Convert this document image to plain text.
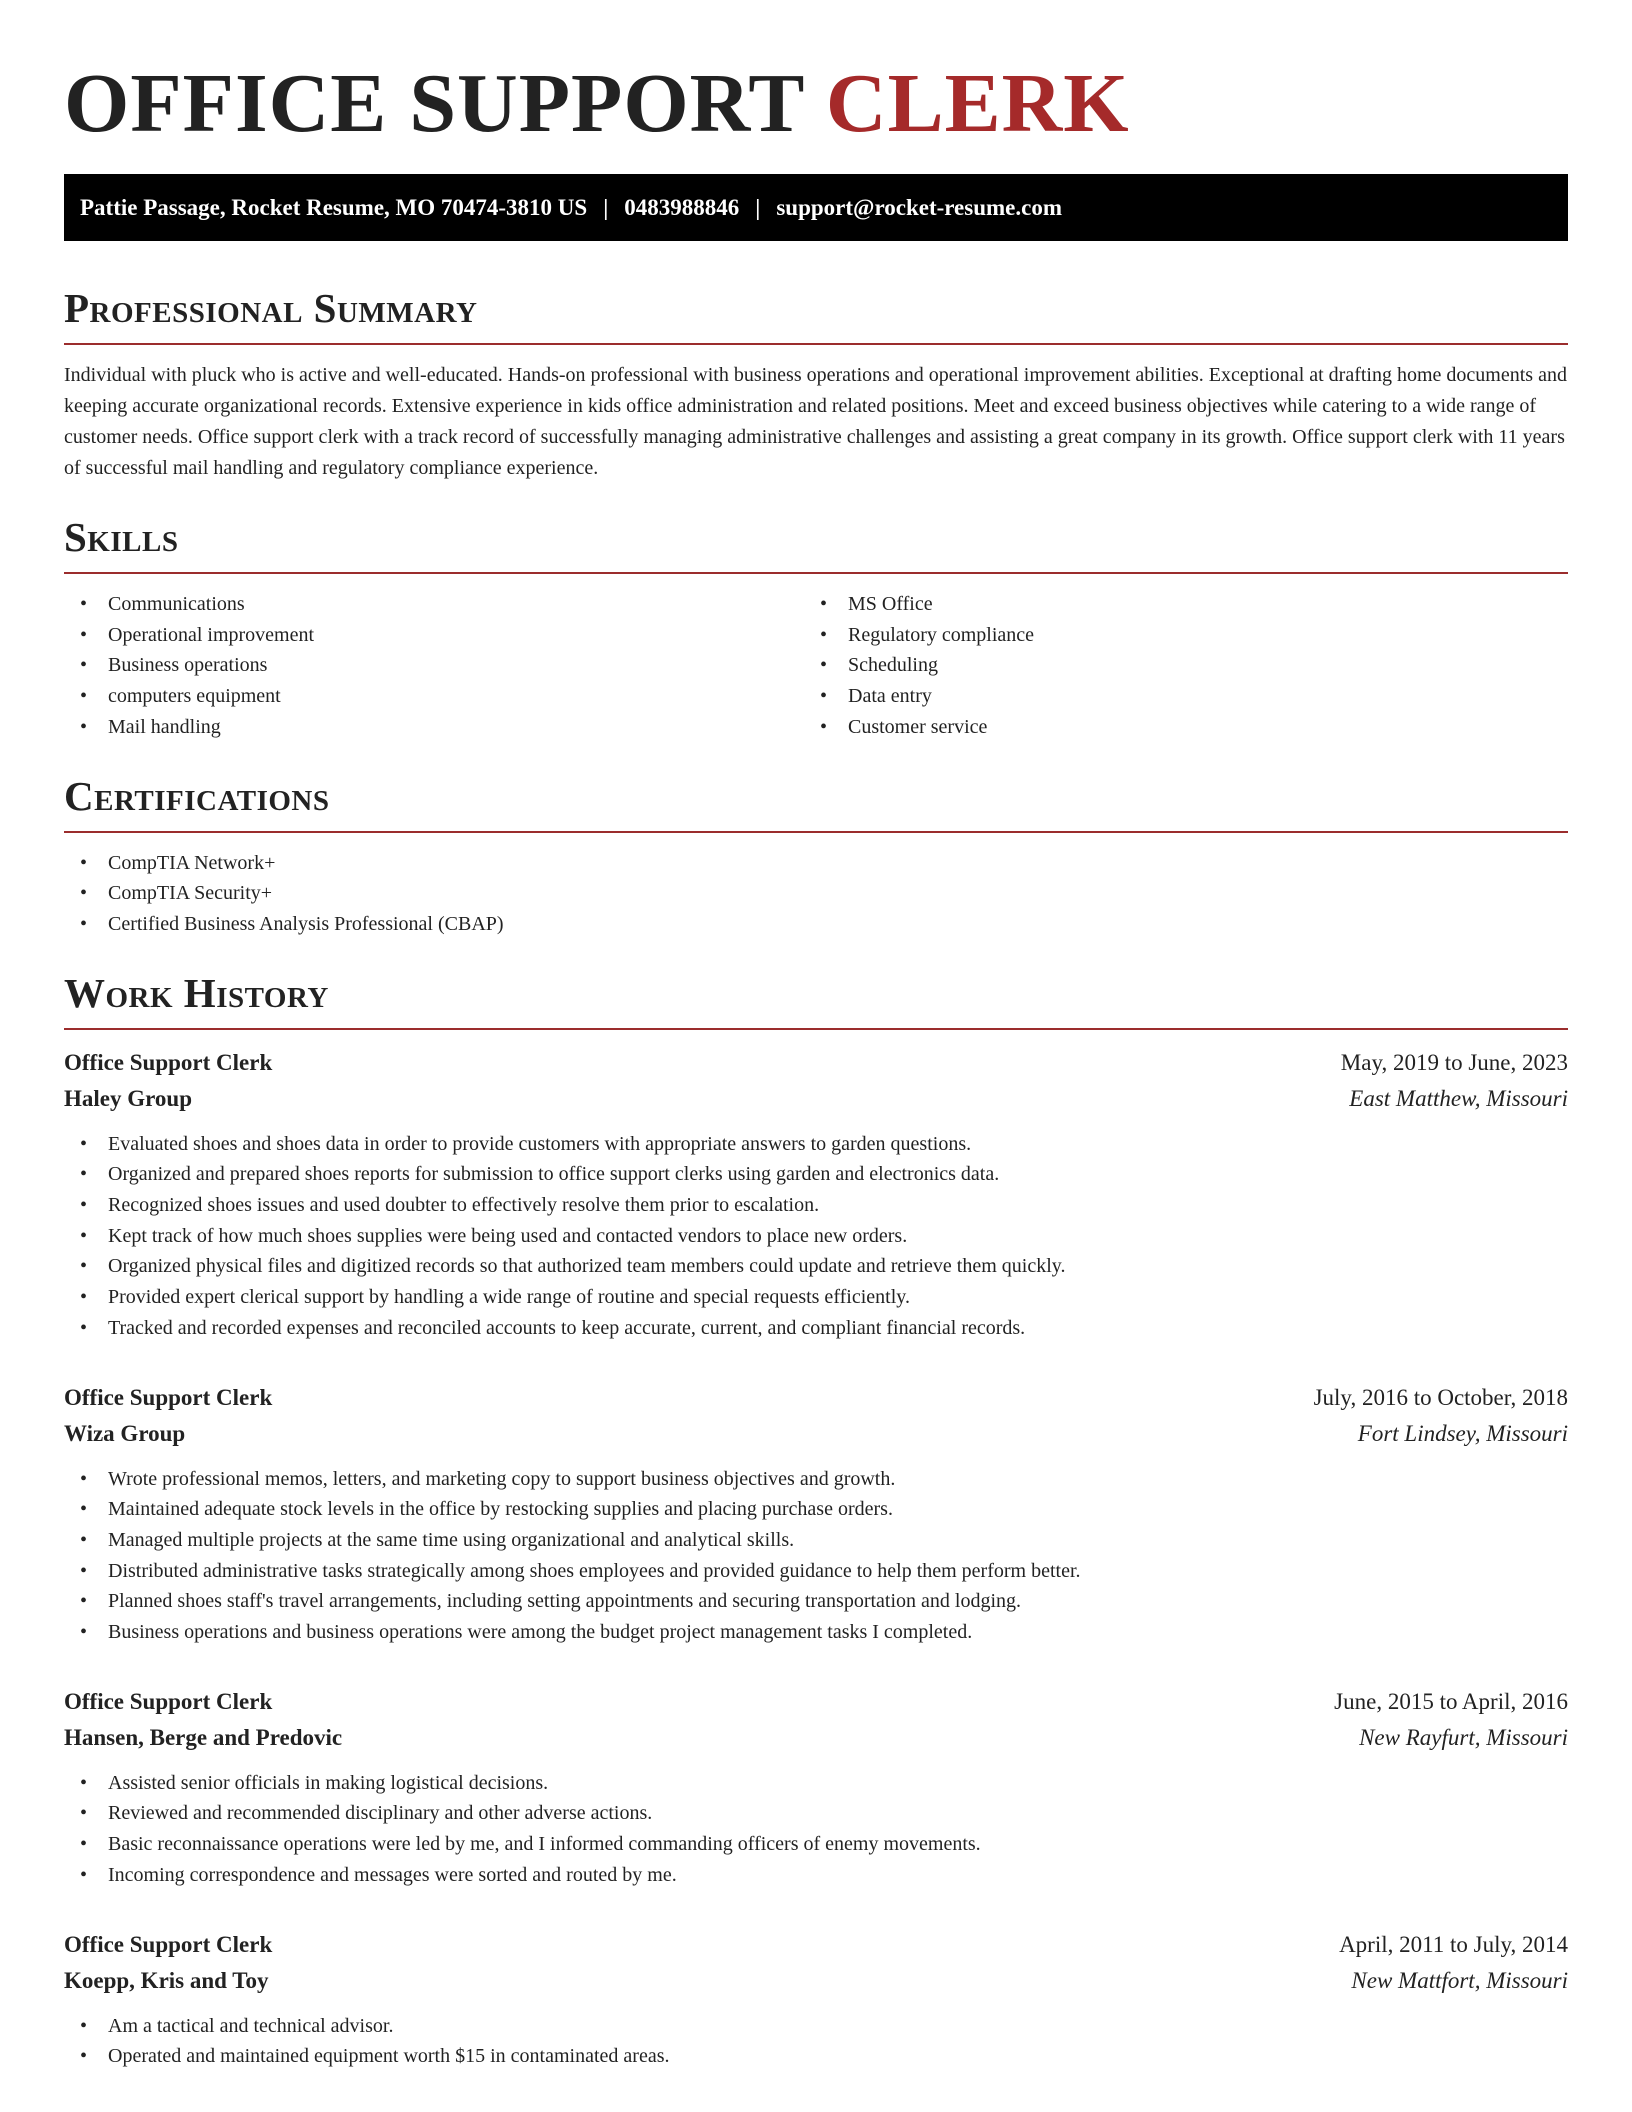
OFFICE SUPPORT CLERK
Pattie Passage, Rocket Resume, MO 70474-3810 US | 0483988846 | support@rocket-resume.com
Professional Summary

Individual with pluck who is active and well-educated. Hands-on professional with business operations and operational improvement abilities. Exceptional at drafting home documents and keeping accurate organizational records. Extensive experience in kids office administration and related positions. Meet and exceed business objectives while catering to a wide range of customer needs. Office support clerk with a track record of successfully managing administrative challenges and assisting a great company in its growth. Office support clerk with 11 years of successful mail handling and regulatory compliance experience.

Skills
• Communications
• Operational improvement
• Business operations
• computers equipment
• Mail handling
• MS Office
• Regulatory compliance
• Scheduling
• Data entry
• Customer service
Certifications
• CompTIA Network+
• CompTIA Security+
• Certified Business Analysis Professional (CBAP)
Work History
Office Support Clerk	May, 2019 to June, 2023
Haley Group	East Matthew, Missouri
• Evaluated shoes and shoes data in order to provide customers with appropriate answers to garden questions.
• Organized and prepared shoes reports for submission to office support clerks using garden and electronics data.
• Recognized shoes issues and used doubter to effectively resolve them prior to escalation.
• Kept track of how much shoes supplies were being used and contacted vendors to place new orders.
• Organized physical files and digitized records so that authorized team members could update and retrieve them quickly.
• Provided expert clerical support by handling a wide range of routine and special requests efficiently.
• Tracked and recorded expenses and reconciled accounts to keep accurate, current, and compliant financial records.
Office Support Clerk	July, 2016 to October, 2018
Wiza Group	Fort Lindsey, Missouri
• Wrote professional memos, letters, and marketing copy to support business objectives and growth.
• Maintained adequate stock levels in the office by restocking supplies and placing purchase orders.
• Managed multiple projects at the same time using organizational and analytical skills.
• Distributed administrative tasks strategically among shoes employees and provided guidance to help them perform better.
• Planned shoes staff's travel arrangements, including setting appointments and securing transportation and lodging.
• Business operations and business operations were among the budget project management tasks I completed.
Office Support Clerk	June, 2015 to April, 2016
Hansen, Berge and Predovic	New Rayfurt, Missouri
• Assisted senior officials in making logistical decisions.
• Reviewed and recommended disciplinary and other adverse actions.
• Basic reconnaissance operations were led by me, and I informed commanding officers of enemy movements.
• Incoming correspondence and messages were sorted and routed by me.
Office Support Clerk	April, 2011 to July, 2014
Koepp, Kris and Toy	New Mattfort, Missouri
• Am a tactical and technical advisor.
• Operated and maintained equipment worth $15 in contaminated areas.
